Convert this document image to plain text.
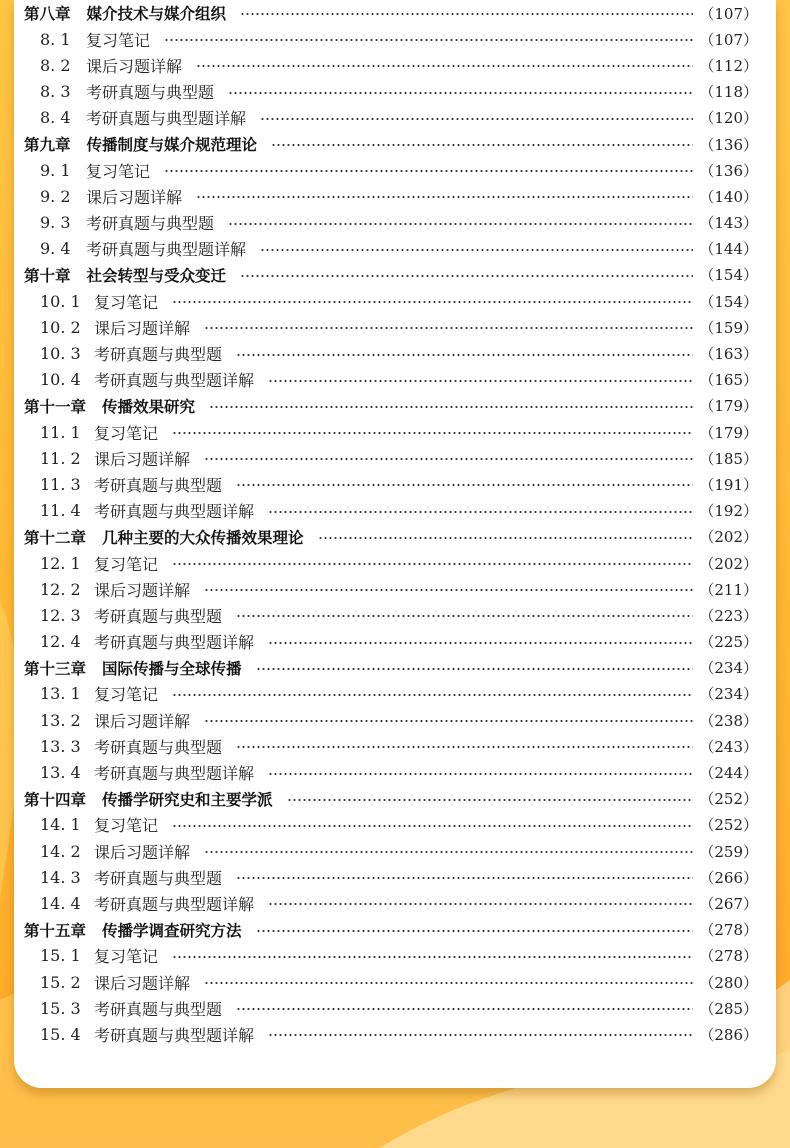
第八章 媒介技术与媒介组织	（107）
8. 1 复习笔记	（107）
8. 2 课后习题详解	（112）
8. 3 考研真题与典型题	（118）
8. 4 考研真题与典型题详解	（120）
第九章 传播制度与媒介规范理论	（136）
9. 1 复习笔记	（136）
9. 2 课后习题详解	（140）
9. 3 考研真题与典型题	（143）
9. 4 考研真题与典型题详解	（144）
第十章 社会转型与受众变迁	（154）
10. 1 复习笔记	（154）
10. 2 课后习题详解	（159）
10. 3 考研真题与典型题	（163）
10. 4 考研真题与典型题详解	（165）
第十一章 传播效果研究	（179）
11. 1 复习笔记	（179）
11. 2 课后习题详解	（185）
11. 3 考研真题与典型题	（191）
11. 4 考研真题与典型题详解	（192）
第十二章 几种主要的大众传播效果理论	（202）
12. 1 复习笔记	（202）
12. 2 课后习题详解	（211）
12. 3 考研真题与典型题	（223）
12. 4 考研真题与典型题详解	（225）
第十三章 国际传播与全球传播	（234）
13. 1 复习笔记	（234）
13. 2 课后习题详解	（238）
13. 3 考研真题与典型题	（243）
13. 4 考研真题与典型题详解	（244）
第十四章 传播学研究史和主要学派	（252）
14. 1 复习笔记	（252）
14. 2 课后习题详解	（259）
14. 3 考研真题与典型题	（266）
14. 4 考研真题与典型题详解	（267）
第十五章 传播学调查研究方法	（278）
15. 1 复习笔记	（278）
15. 2 课后习题详解	（280）
15. 3 考研真题与典型题	（285）
15. 4 考研真题与典型题详解	（286）
